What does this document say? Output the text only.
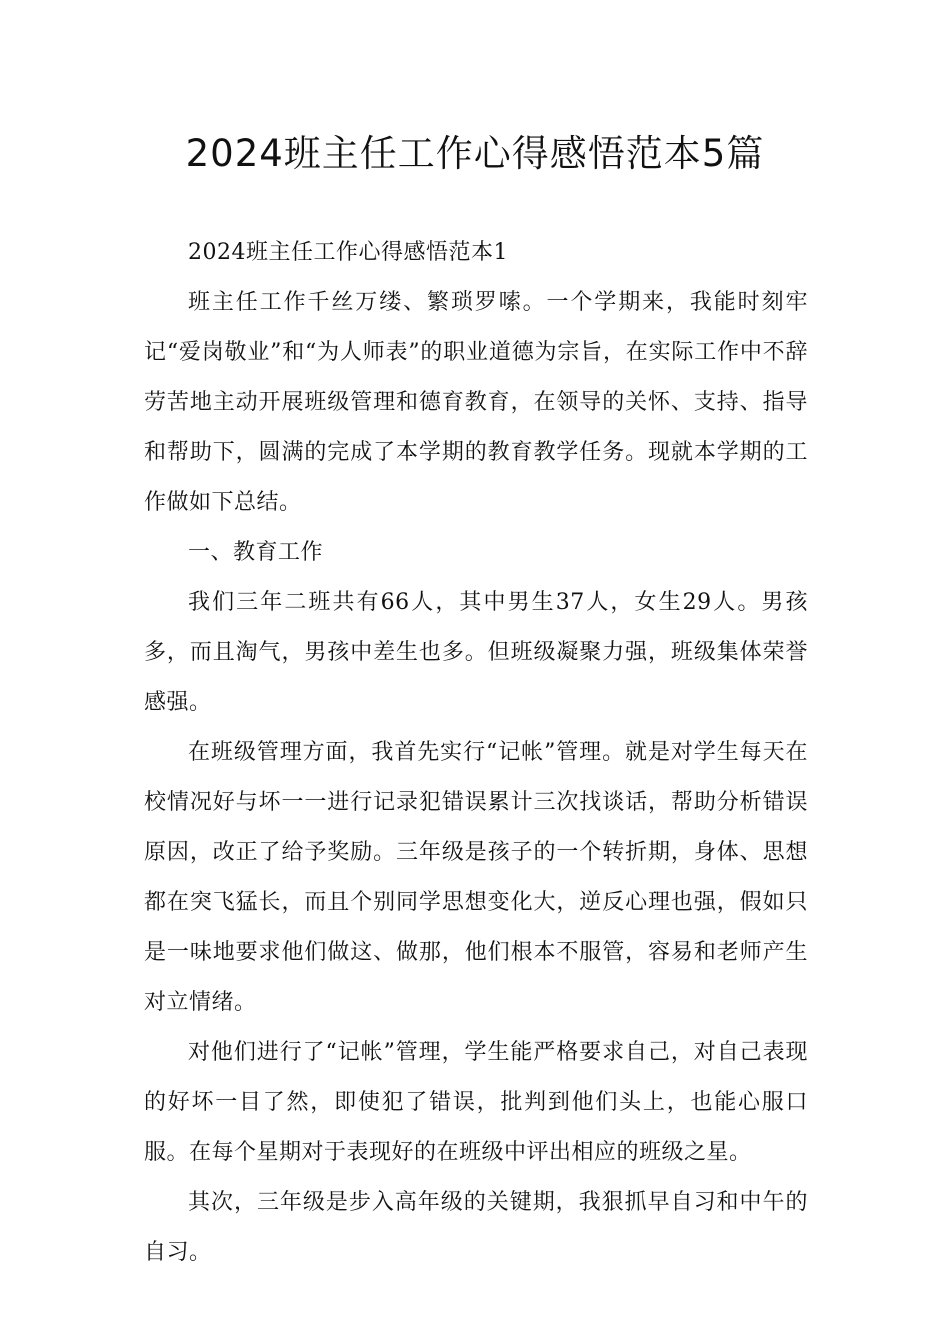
2024班主任工作心得感悟范本5篇

2024班主任工作心得感悟范本1

班主任工作千丝万缕、繁琐罗嗦。一个学期来，我能时刻牢记“爱岗敬业”和“为人师表”的职业道德为宗旨，在实际工作中不辞劳苦地主动开展班级管理和德育教育，在领导的关怀、支持、指导和帮助下，圆满的完成了本学期的教育教学任务。现就本学期的工作做如下总结。

一、教育工作

我们三年二班共有66人，其中男生37人，女生29人。男孩多，而且淘气，男孩中差生也多。但班级凝聚力强，班级集体荣誉感强。

在班级管理方面，我首先实行“记帐”管理。就是对学生每天在校情况好与坏一一进行记录犯错误累计三次找谈话，帮助分析错误原因，改正了给予奖励。三年级是孩子的一个转折期，身体、思想都在突飞猛长，而且个别同学思想变化大，逆反心理也强，假如只是一味地要求他们做这、做那，他们根本不服管，容易和老师产生对立情绪。

对他们进行了“记帐”管理，学生能严格要求自己，对自己表现的好坏一目了然，即使犯了错误，批判到他们头上，也能心服口服。在每个星期对于表现好的在班级中评出相应的班级之星。

其次，三年级是步入高年级的关键期，我狠抓早自习和中午的自习。
